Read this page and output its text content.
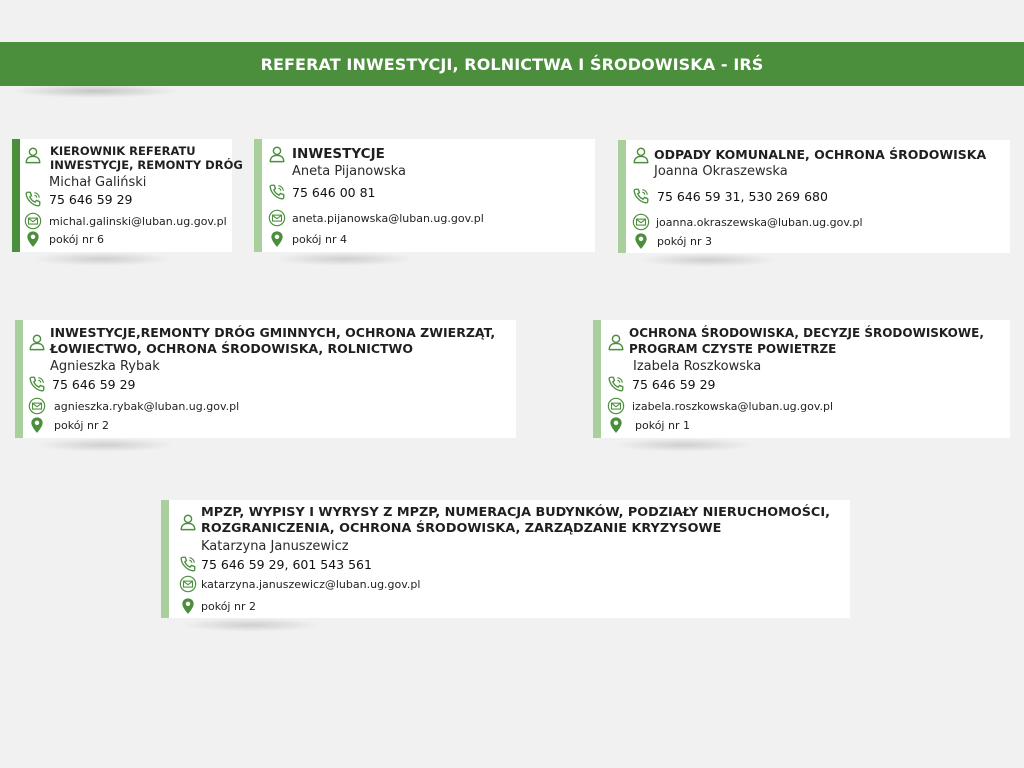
REFERAT INWESTYCJI, ROLNICTWA I ŚRODOWISKA - IRŚ
KIEROWNIK REFERATU
INWESTYCJE, REMONTY DRÓG
Michał Galiński
75 646 59 29
michal.galinski@luban.ug.gov.pl
pokój nr 6
INWESTYCJE
Aneta Pijanowska
75 646 00 81
aneta.pijanowska@luban.ug.gov.pl
pokój nr 4
ODPADY KOMUNALNE, OCHRONA ŚRODOWISKA
Joanna Okraszewska
75 646 59 31, 530 269 680
joanna.okraszewska@luban.ug.gov.pl
pokój nr 3
INWESTYCJE,REMONTY DRÓG GMINNYCH, OCHRONA ZWIERZĄT,
ŁOWIECTWO, OCHRONA ŚRODOWISKA, ROLNICTWO
Agnieszka Rybak
75 646 59 29
agnieszka.rybak@luban.ug.gov.pl
pokój nr 2
OCHRONA ŚRODOWISKA, DECYZJE ŚRODOWISKOWE,
PROGRAM CZYSTE POWIETRZE
Izabela Roszkowska
75 646 59 29
izabela.roszkowska@luban.ug.gov.pl
pokój nr 1
MPZP, WYPISY I WYRYSY Z MPZP, NUMERACJA BUDYNKÓW, PODZIAŁY NIERUCHOMOŚCI,
ROZGRANICZENIA, OCHRONA ŚRODOWISKA, ZARZĄDZANIE KRYZYSOWE
Katarzyna Januszewicz
75 646 59 29, 601 543 561
katarzyna.januszewicz@luban.ug.gov.pl
pokój nr 2
